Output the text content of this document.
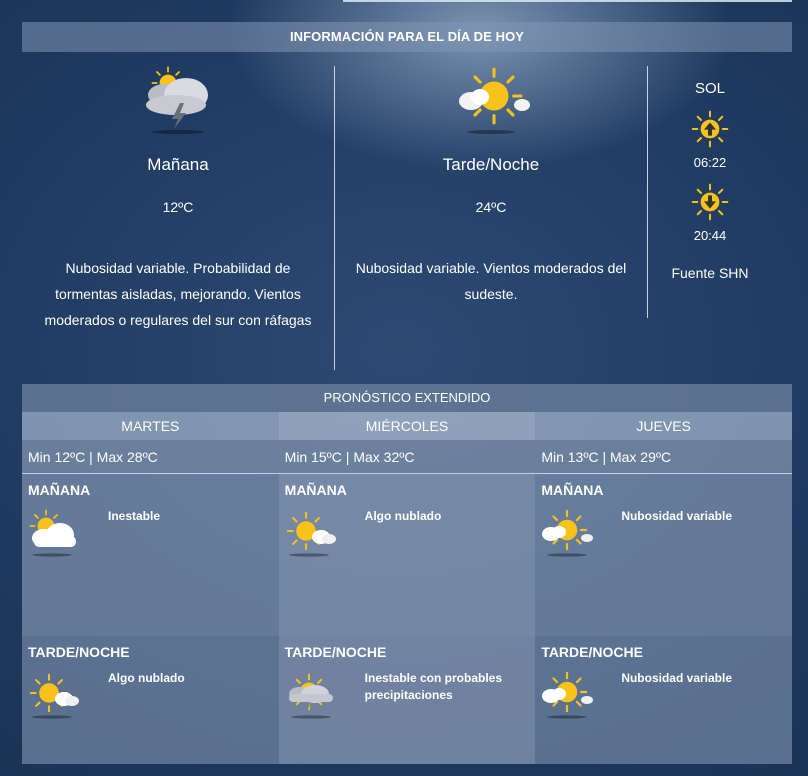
INFORMACIÓN PARA EL DÍA DE HOY
Mañana
12ºC
Nubosidad variable. Probabilidad de tormentas aisladas, mejorando. Vientos moderados o regulares del sur con ráfagas
Tarde/Noche
24ºC
Nubosidad variable. Vientos moderados del sudeste.
SOL
06:22
20:44
Fuente SHN
PRONÓSTICO EXTENDIDO
MARTES
Min 12ºC | Max 28ºC
MAÑANA
Inestable
TARDE/NOCHE
Algo nublado
MIÉRCOLES
Min 15ºC | Max 32ºC
MAÑANA
Algo nublado
TARDE/NOCHE
Inestable con probables precipitaciones
JUEVES
Min 13ºC | Max 29ºC
MAÑANA
Nubosidad variable
TARDE/NOCHE
Nubosidad variable
